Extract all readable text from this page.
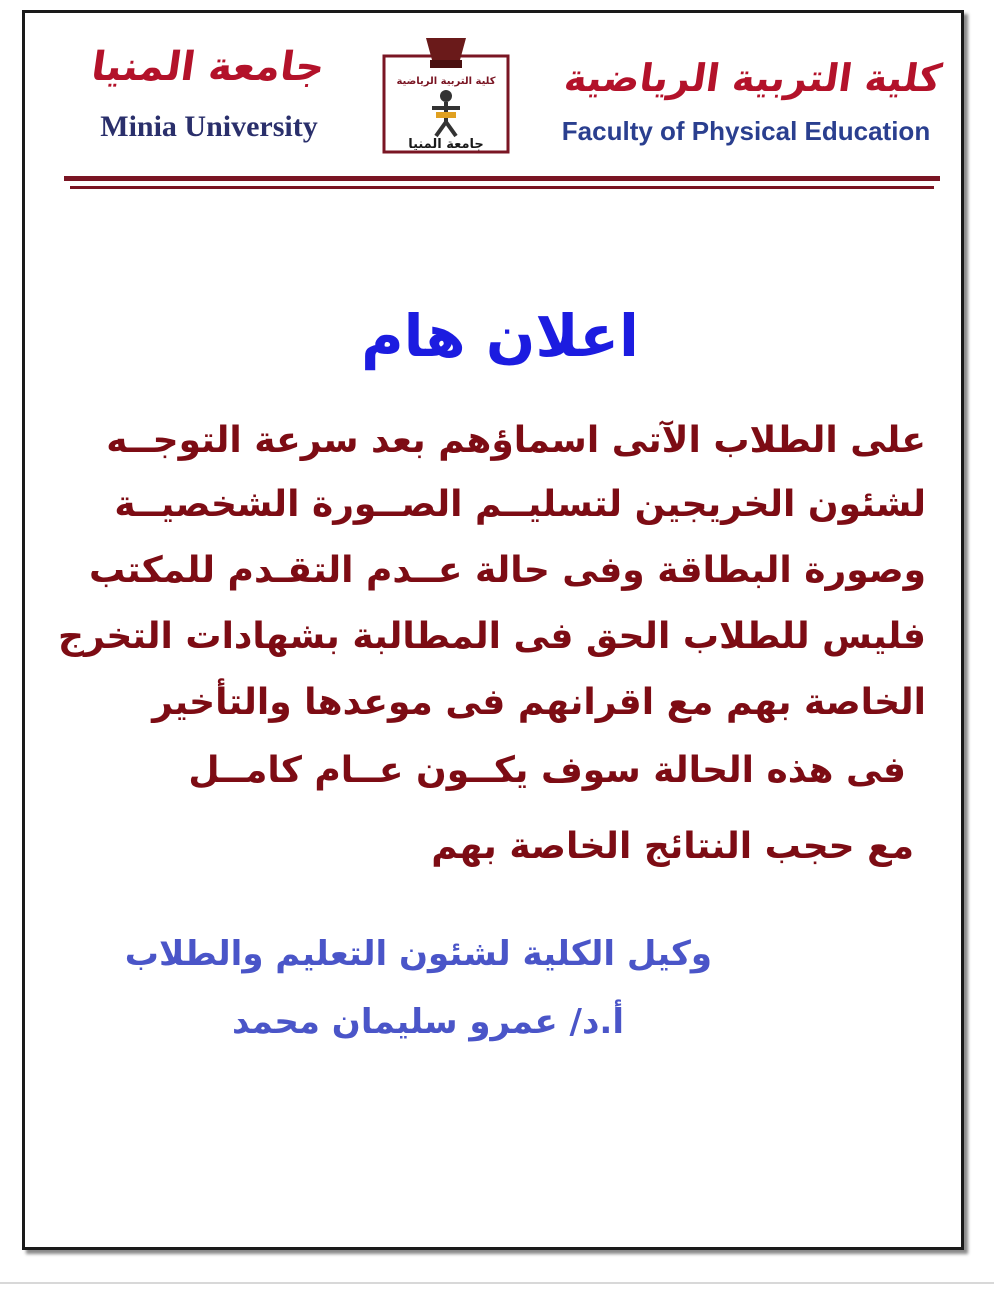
جامعة المنيا
Minia University
كلية التربية الرياضية
جامعة المنيا
كلية التربية الرياضية
Faculty of Physical Education
اعلان هام
على الطلاب الآتى اسماؤهم بعد سرعة التوجــه
لشئون الخريجين لتسليــم الصــورة الشخصيــة
وصورة البطاقة وفى حالة عــدم التقـدم للمكتب
فليس للطلاب الحق فى المطالبة بشهادات التخرج
الخاصة بهم مع اقرانهم فى موعدها والتأخير
فى هذه الحالة سوف يكــون عــام كامــل
مع حجب النتائج الخاصة بهم
وكيل الكلية لشئون التعليم والطلاب
أ.د/ عمرو سليمان محمد
